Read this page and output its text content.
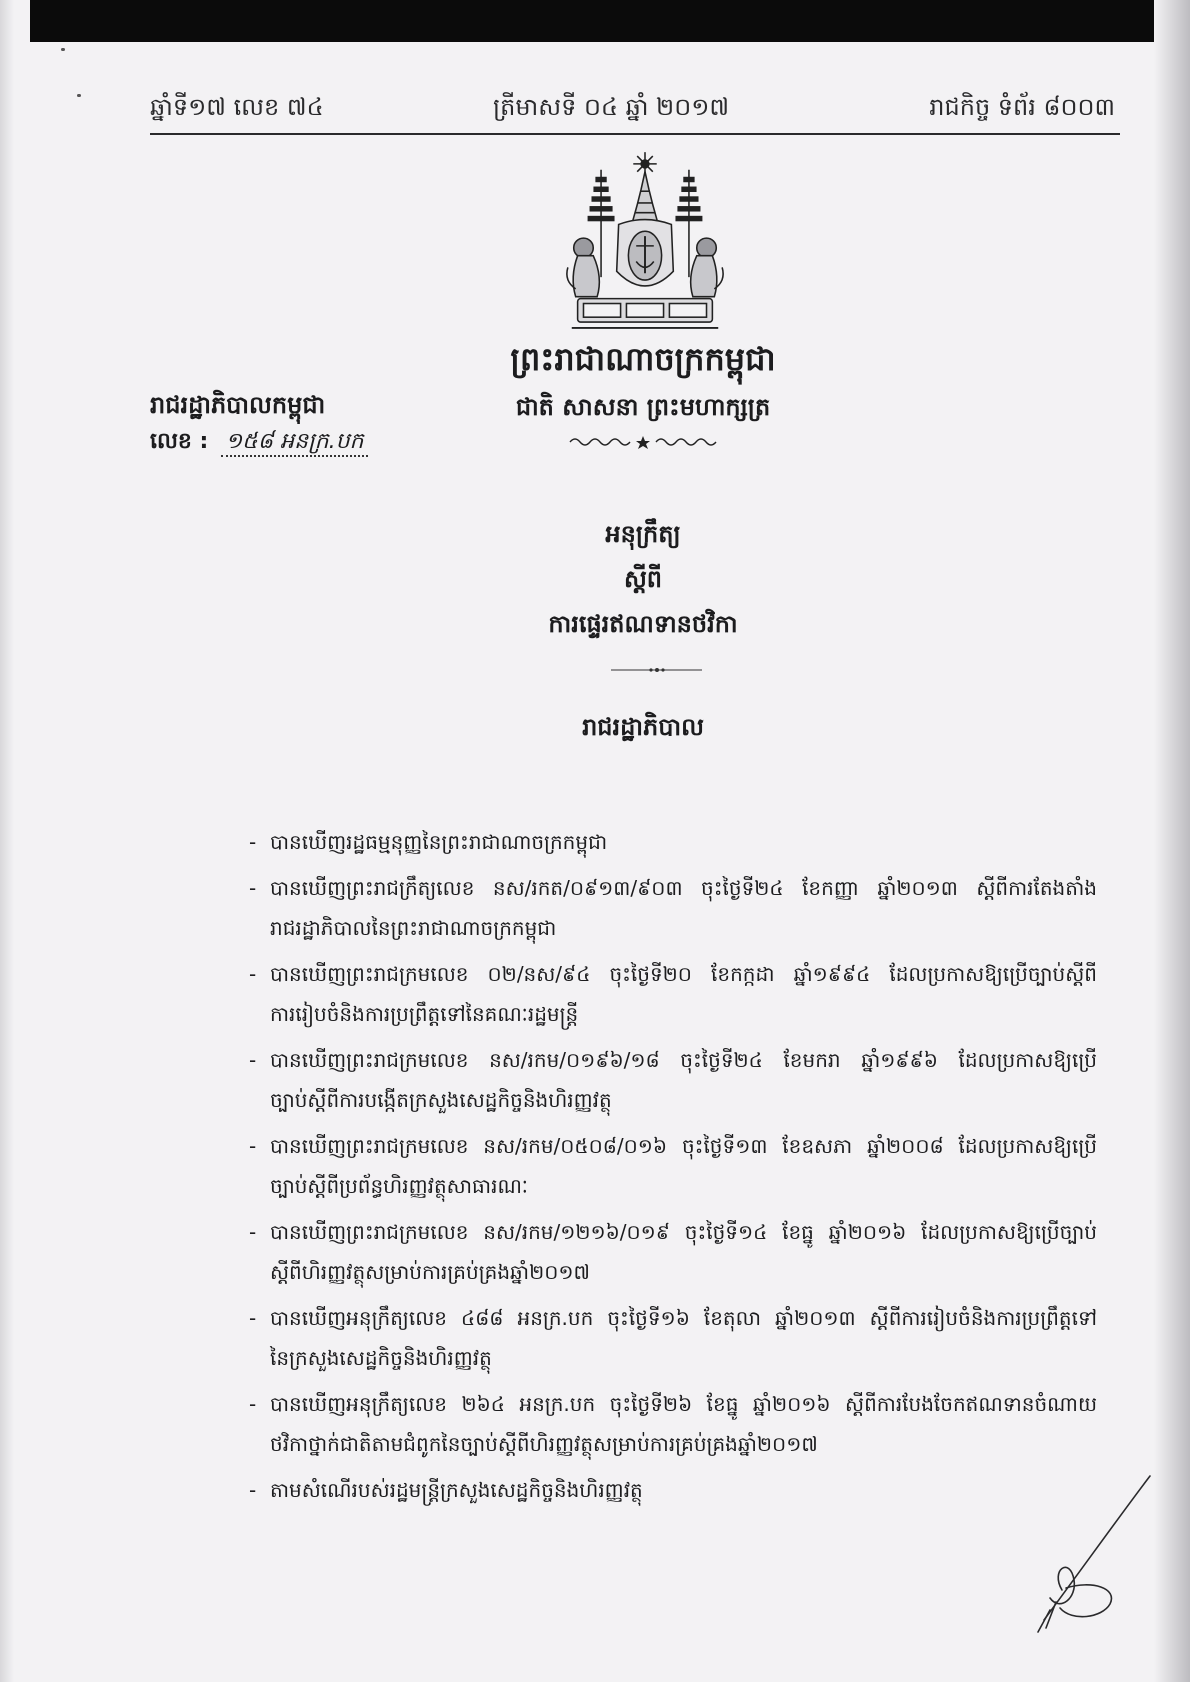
ឆ្នាំទី១៧ លេខ ៧៤	ត្រីមាសទី ០៤ ឆ្នាំ ២០១៧	រាជកិច្ច ទំព័រ ៨០០៣
ព្រះរាជាណាចក្រកម្ពុជា
រាជរដ្ឋាភិបាលកម្ពុជា	ជាតិ សាសនា ព្រះមហាក្សត្រ
លេខ : ១៥៨ អនក្រ.បក
អនុក្រឹត្យ
ស្តីពី
ការផ្ទេរឥណទានថវិកា
រាជរដ្ឋាភិបាល
- បានឃើញរដ្ឋធម្មនុញ្ញនៃព្រះរាជាណាចក្រកម្ពុជា
- បានឃើញព្រះរាជក្រឹត្យលេខ នស/រកត/០៩១៣/៩០៣ ចុះថ្ងៃទី២៤ ខែកញ្ញា ឆ្នាំ២០១៣ ស្តីពីការតែងតាំង
រាជរដ្ឋាភិបាលនៃព្រះរាជាណាចក្រកម្ពុជា
- បានឃើញព្រះរាជក្រមលេខ ០២/នស/៩៤ ចុះថ្ងៃទី២០ ខែកក្កដា ឆ្នាំ១៩៩៤ ដែលប្រកាសឱ្យប្រើច្បាប់ស្តីពី
ការរៀបចំនិងការប្រព្រឹត្តទៅនៃគណៈរដ្ឋមន្ត្រី
- បានឃើញព្រះរាជក្រមលេខ នស/រកម/០១៩៦/១៨ ចុះថ្ងៃទី២៤ ខែមករា ឆ្នាំ១៩៩៦ ដែលប្រកាសឱ្យប្រើ
ច្បាប់ស្តីពីការបង្កើតក្រសួងសេដ្ឋកិច្ចនិងហិរញ្ញវត្ថុ
- បានឃើញព្រះរាជក្រមលេខ នស/រកម/០៥០៨/០១៦ ចុះថ្ងៃទី១៣ ខែឧសភា ឆ្នាំ២០០៨ ដែលប្រកាសឱ្យប្រើ
ច្បាប់ស្តីពីប្រព័ន្ធហិរញ្ញវត្ថុសាធារណៈ
- បានឃើញព្រះរាជក្រមលេខ នស/រកម/១២១៦/០១៩ ចុះថ្ងៃទី១៤ ខែធ្នូ ឆ្នាំ២០១៦ ដែលប្រកាសឱ្យប្រើច្បាប់
ស្តីពីហិរញ្ញវត្ថុសម្រាប់ការគ្រប់គ្រងឆ្នាំ២០១៧
- បានឃើញអនុក្រឹត្យលេខ ៤៨៨ អនក្រ.បក ចុះថ្ងៃទី១៦ ខែតុលា ឆ្នាំ២០១៣ ស្តីពីការរៀបចំនិងការប្រព្រឹត្តទៅ
នៃក្រសួងសេដ្ឋកិច្ចនិងហិរញ្ញវត្ថុ
- បានឃើញអនុក្រឹត្យលេខ ២៦៤ អនក្រ.បក ចុះថ្ងៃទី២៦ ខែធ្នូ ឆ្នាំ២០១៦ ស្តីពីការបែងចែកឥណទានចំណាយ
ថវិកាថ្នាក់ជាតិតាមជំពូកនៃច្បាប់ស្តីពីហិរញ្ញវត្ថុសម្រាប់ការគ្រប់គ្រងឆ្នាំ២០១៧
- តាមសំណើរបស់រដ្ឋមន្ត្រីក្រសួងសេដ្ឋកិច្ចនិងហិរញ្ញវត្ថុ
